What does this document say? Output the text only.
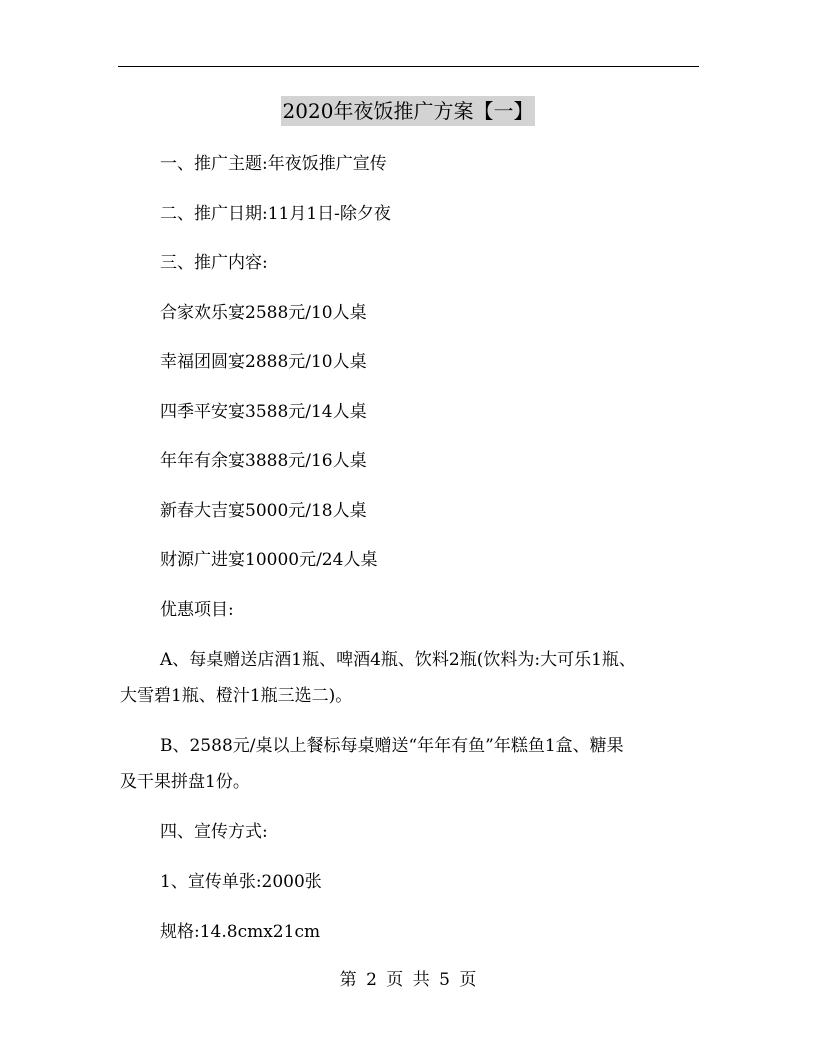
2020年夜饭推广方案【一】
一、推广主题:年夜饭推广宣传
二、推广日期:11月1日-除夕夜
三、推广内容:
合家欢乐宴2588元/10人桌
幸福团圆宴2888元/10人桌
四季平安宴3588元/14人桌
年年有余宴3888元/16人桌
新春大吉宴5000元/18人桌
财源广进宴10000元/24人桌
优惠项目:
A、每桌赠送店酒1瓶、啤酒4瓶、饮料2瓶(饮料为:大可乐1瓶、
大雪碧1瓶、橙汁1瓶三选二)。
B、2588元/桌以上餐标每桌赠送“年年有鱼”年糕鱼1盒、糖果
及干果拼盘1份。
四、宣传方式:
1、宣传单张:2000张
规格:14.8cmx21cm
第 2 页 共 5 页
